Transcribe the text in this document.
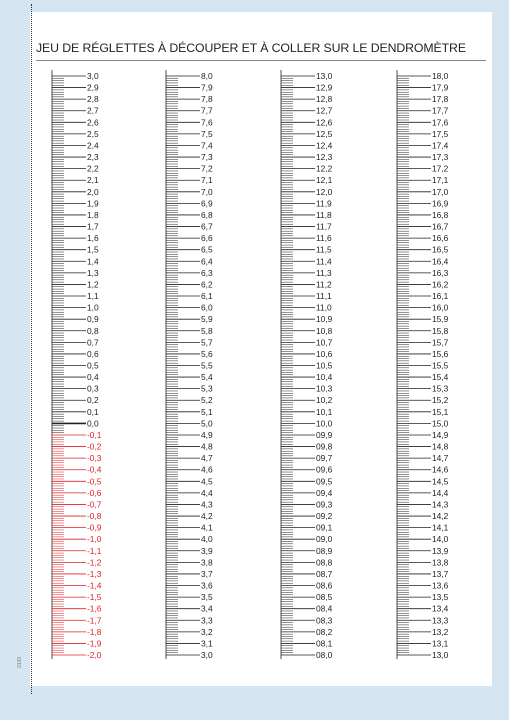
JEU DE RÉGLETTES À DÉCOUPER ET À COLLER SUR LE DENDROMÈTRE
0130
3,0
2,9
2,8
2,7
2,6
2,5
2,4
2,3
2,2
2,1
2,0
1,9
1,8
1,7
1,6
1,5
1,4
1,3
1,2
1,1
1,0
0,9
0,8
0,7
0,6
0,5
0,4
0,3
0,2
0,1
0,0
-0,1
-0,2
-0,3
-0,4
-0,5
-0,6
-0,7
-0,8
-0,9
-1,0
-1,1
-1,2
-1,3
-1,4
-1,5
-1,6
-1,7
-1,8
-1,9
-2,0
8,0
7,9
7,8
7,7
7,6
7,5
7,4
7,3
7,2
7,1
7,0
6,9
6,8
6,7
6,6
6,5
6,4
6,3
6,2
6,1
6,0
5,9
5,8
5,7
5,6
5,5
5,4
5,3
5,2
5,1
5,0
4,9
4,8
4,7
4,6
4,5
4,4
4,3
4,2
4,1
4,0
3,9
3,8
3,7
3,6
3,5
3,4
3,3
3,2
3,1
3,0
13,0
12,9
12,8
12,7
12,6
12,5
12,4
12,3
12,2
12,1
12,0
11,9
11,8
11,7
11,6
11,5
11,4
11,3
11,2
11,1
11,0
10,9
10,8
10,7
10,6
10,5
10,4
10,3
10,2
10,1
10,0
09,9
09,8
09,7
09,6
09,5
09,4
09,3
09,2
09,1
09,0
08,9
08,8
08,7
08,6
08,5
08,4
08,3
08,2
08,1
08,0
18,0
17,9
17,8
17,7
17,6
17,5
17,4
17,3
17,2
17,1
17,0
16,9
16,8
16,7
16,6
16,5
16,4
16,3
16,2
16,1
16,0
15,9
15,8
15,7
15,6
15,5
15,4
15,3
15,2
15,1
15,0
14,9
14,8
14,7
14,6
14,5
14,4
14,3
14,2
14,1
14,0
13,9
13,8
13,7
13,6
13,5
13,4
13,3
13,2
13,1
13,0
